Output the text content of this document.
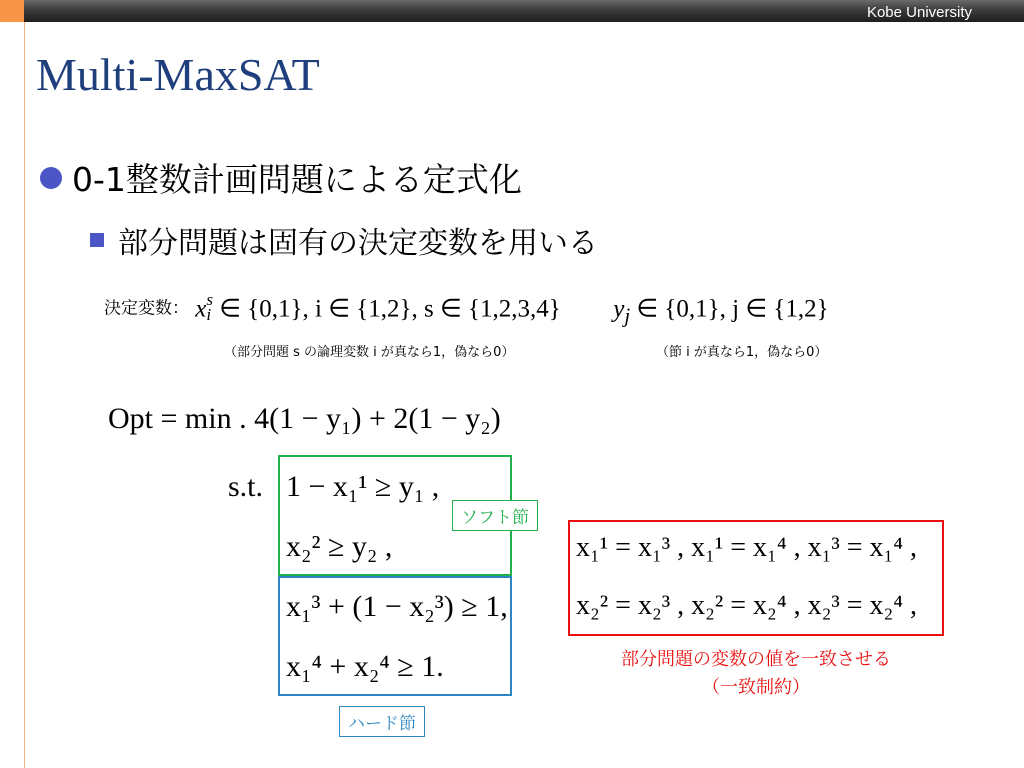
Kobe University
Multi-MaxSAT
0-1整数計画問題による定式化
部分問題は固有の決定変数を用いる
決定変数： x s
i ∈ {0,1}, i ∈ {1,2}, s ∈ {1,2,3,4} $y_j$ ∈ {0,1}, j ∈ {1,2}
（部分問題 s の論理変数 i が真なら1，偽なら0）	（節 i が真なら1，偽なら0）
Opt = min . 4(1 − y₁) + 2(1 − y₂)
s.t. 1 − x₁¹ ≥ y₁ ,
x₂² ≥ y₂ ,
x₁³ + (1 − x₂³) ≥ 1,
x₁⁴ + x₂⁴ ≥ 1.
x₁¹ = x₁³ , x₁¹ = x₁⁴ , x₁³ = x₁⁴ ,
x₂² = x₂³ , x₂² = x₂⁴ , x₂³ = x₂⁴ ,
ソフト節
ハード節
部分問題の変数の値を一致させる
（一致制約）
